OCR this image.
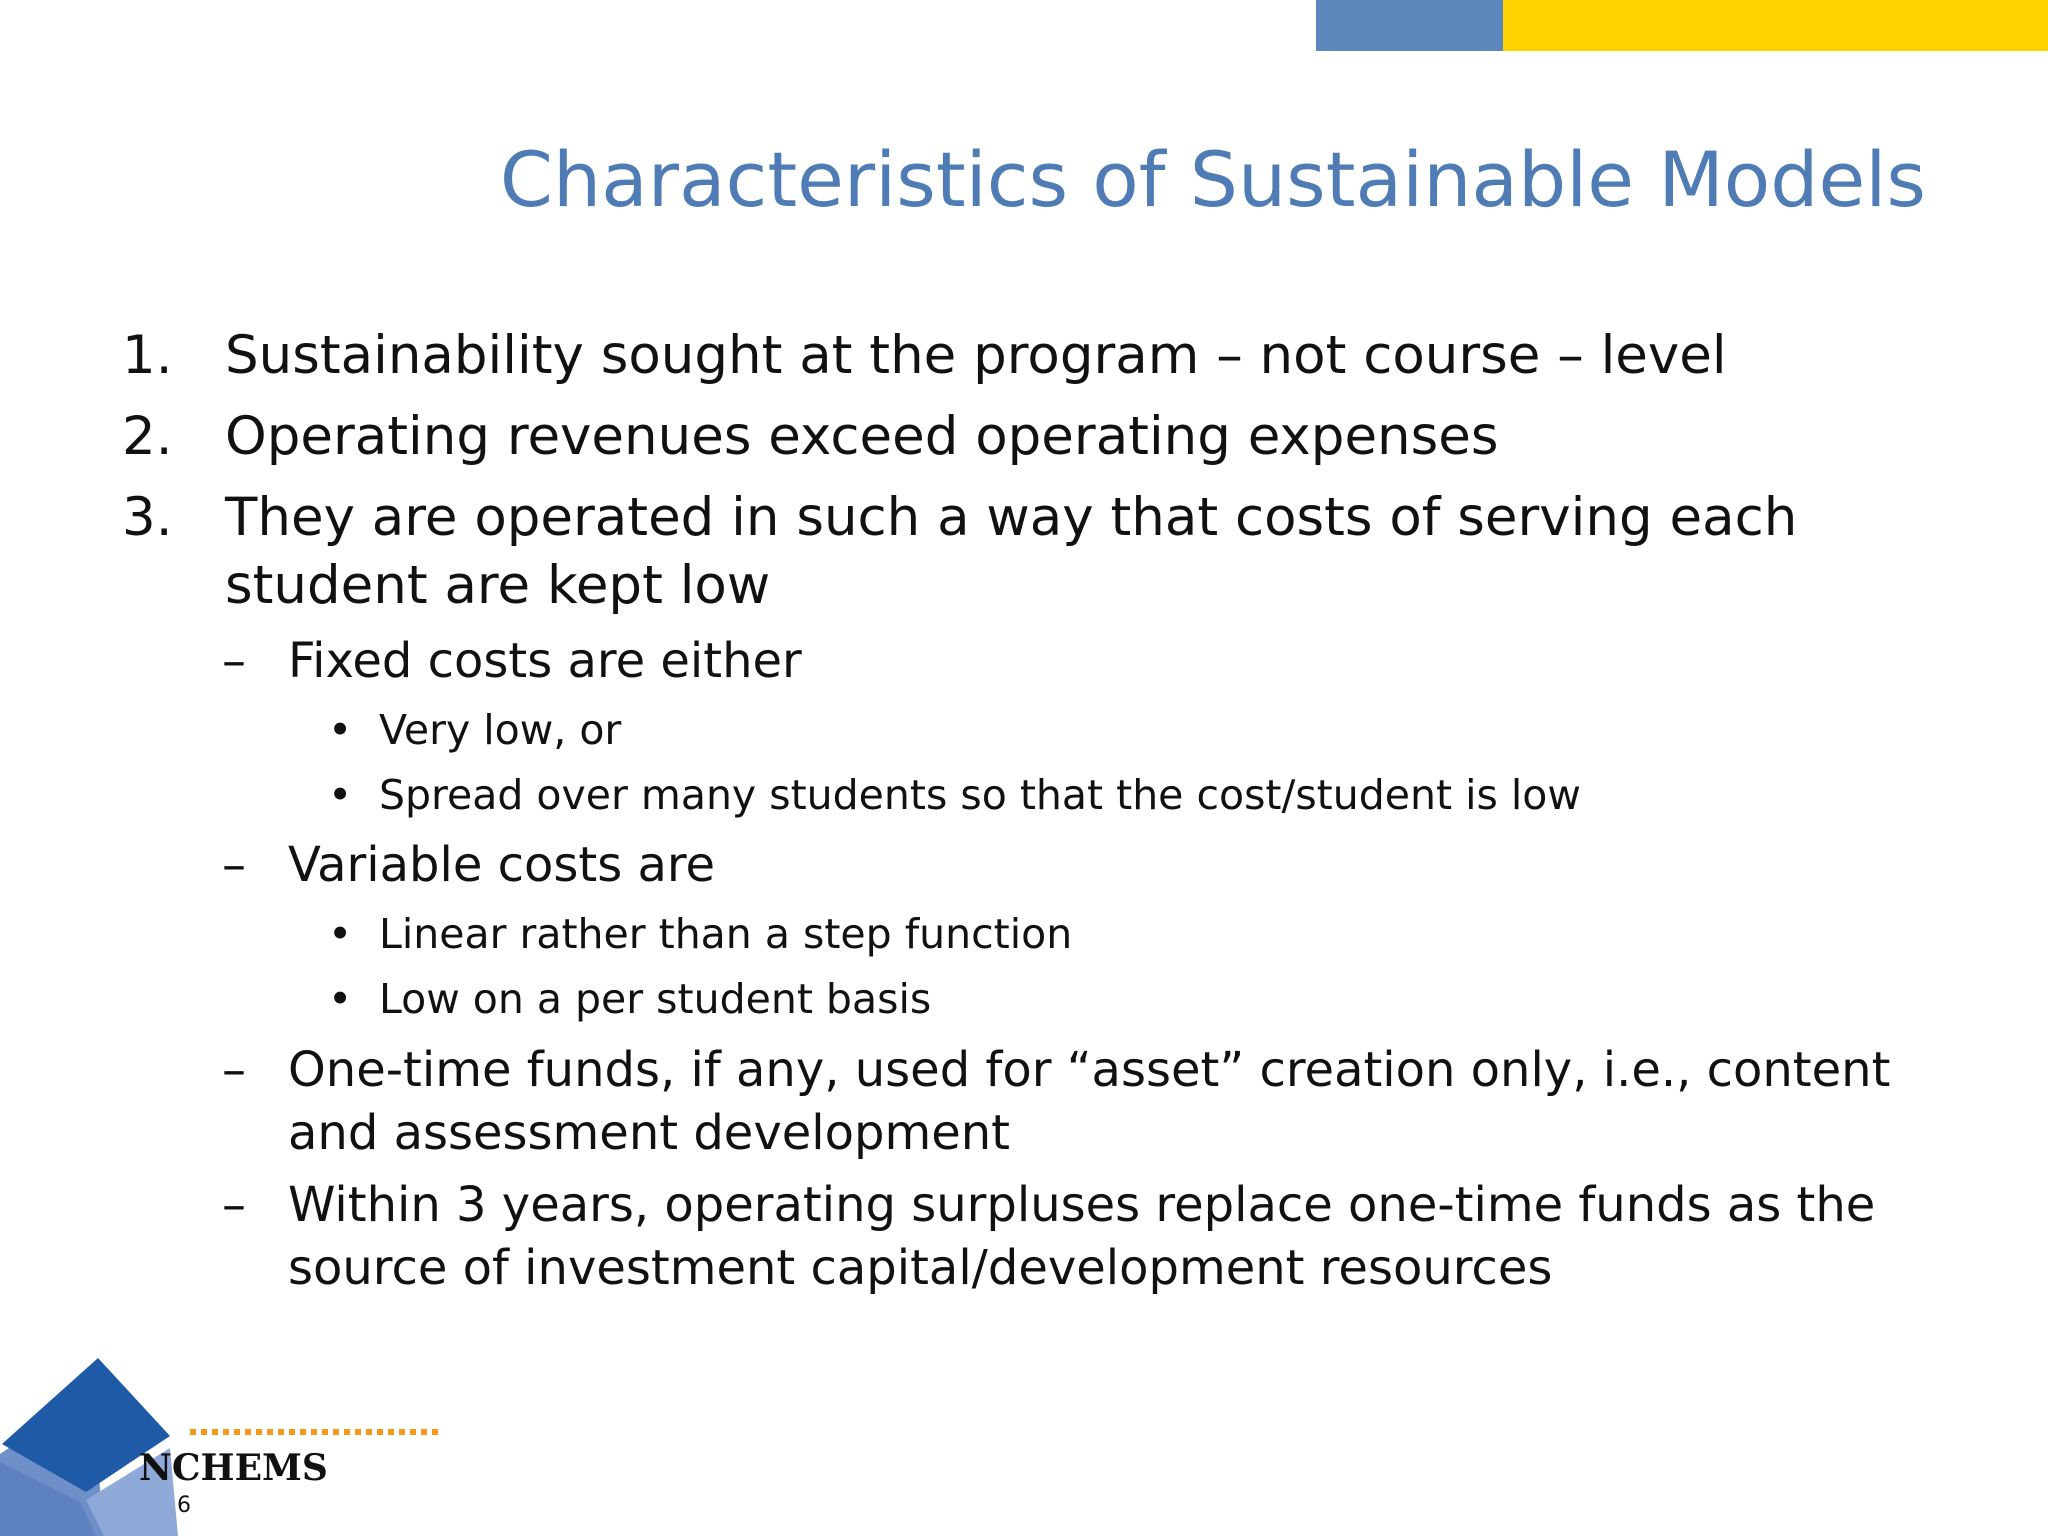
Characteristics of Sustainable Models
1. Sustainability sought at the program – not course – level
2. Operating revenues exceed operating expenses
3. They are operated in such a way that costs of serving each student are kept low
– Fixed costs are either
• Very low, or
• Spread over many students so that the cost/student is low
– Variable costs are
• Linear rather than a step function
• Low on a per student basis
– One-time funds, if any, used for “asset” creation only, i.e., content and assessment development
– Within 3 years, operating surpluses replace one-time funds as the source of investment capital/development resources
NCHEMS
6
